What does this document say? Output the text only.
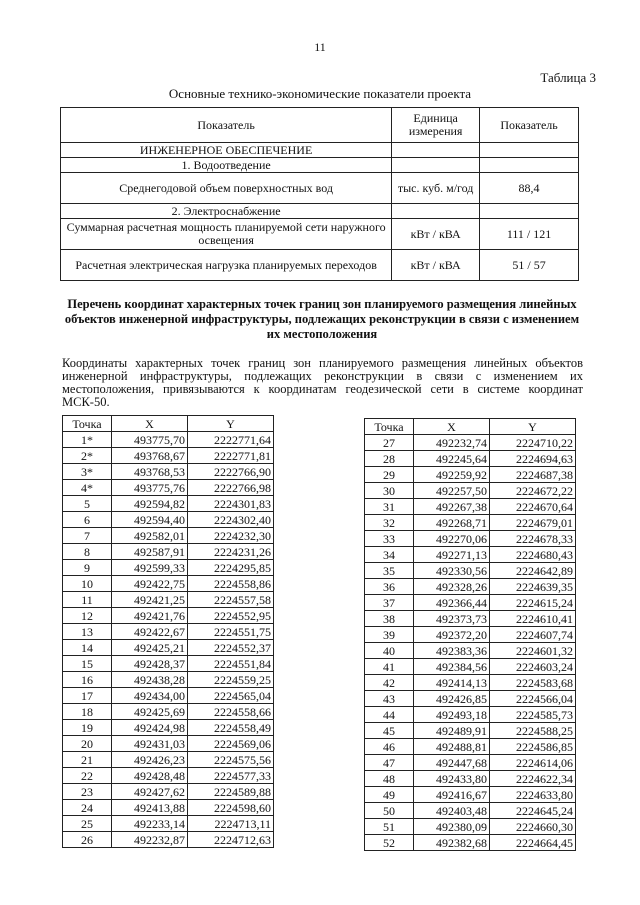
11
Таблица 3
Основные технико-экономические показатели проекта
Показатель	Единица измерения	Показатель
ИНЖЕНЕРНОЕ ОБЕСПЕЧЕНИЕ		
1. Водоотведение		
Среднегодовой объем поверхностных вод	тыс. куб. м/год	88,4
2. Электроснабжение		
Суммарная расчетная мощность планируемой сети наружного освещения	кВт / кВА	111 / 121
Расчетная электрическая нагрузка планируемых переходов	кВт / кВА	51 / 57
Перечень координат характерных точек границ зон планируемого размещения линейных объектов инженерной инфраструктуры, подлежащих реконструкции в связи с изменением их местоположения
Координаты характерных точек границ зон планируемого размещения линейных объектов инженерной инфраструктуры, подлежащих реконструкции в связи с изменением их местоположения, привязываются к координатам геодезической сети в системе координат МСК-50.
Точка	X	Y
1*	493775,70	2222771,64
2*	493768,67	2222771,81
3*	493768,53	2222766,90
4*	493775,76	2222766,98
5	492594,82	2224301,83
6	492594,40	2224302,40
7	492582,01	2224232,30
8	492587,91	2224231,26
9	492599,33	2224295,85
10	492422,75	2224558,86
11	492421,25	2224557,58
12	492421,76	2224552,95
13	492422,67	2224551,75
14	492425,21	2224552,37
15	492428,37	2224551,84
16	492438,28	2224559,25
17	492434,00	2224565,04
18	492425,69	2224558,66
19	492424,98	2224558,49
20	492431,03	2224569,06
21	492426,23	2224575,56
22	492428,48	2224577,33
23	492427,62	2224589,88
24	492413,88	2224598,60
25	492233,14	2224713,11
26	492232,87	2224712,63
Точка	X	Y
27	492232,74	2224710,22
28	492245,64	2224694,63
29	492259,92	2224687,38
30	492257,50	2224672,22
31	492267,38	2224670,64
32	492268,71	2224679,01
33	492270,06	2224678,33
34	492271,13	2224680,43
35	492330,56	2224642,89
36	492328,26	2224639,35
37	492366,44	2224615,24
38	492373,73	2224610,41
39	492372,20	2224607,74
40	492383,36	2224601,32
41	492384,56	2224603,24
42	492414,13	2224583,68
43	492426,85	2224566,04
44	492493,18	2224585,73
45	492489,91	2224588,25
46	492488,81	2224586,85
47	492447,68	2224614,06
48	492433,80	2224622,34
49	492416,67	2224633,80
50	492403,48	2224645,24
51	492380,09	2224660,30
52	492382,68	2224664,45
